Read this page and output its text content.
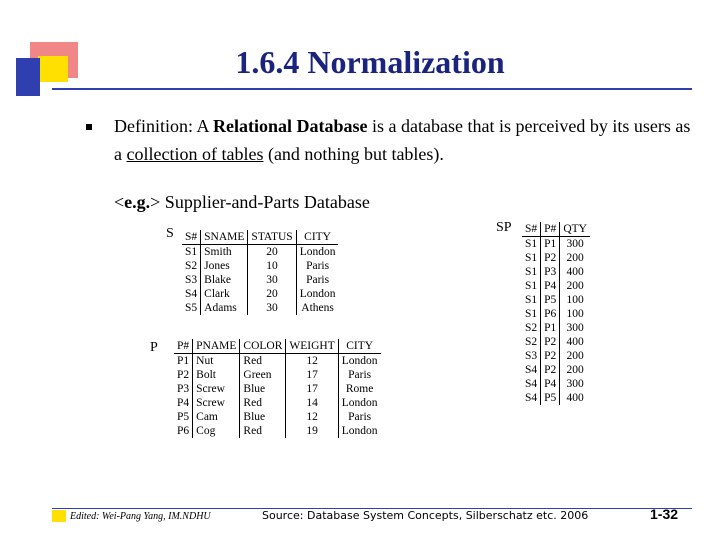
1.6.4 Normalization
Definition: A Relational Database is a database that is perceived by its users as a collection of tables (and nothing but tables).
<e.g.> Supplier-and-Parts Database
S S#	SNAME	STATUS	CITY
S1	Smith	20	London
S2	Jones	10	Paris
S3	Blake	30	Paris
S4	Clark	20	London
S5	Adams	30	Athens
P P#	PNAME	COLOR	WEIGHT	CITY
P1	Nut	Red	12	London
P2	Bolt	Green	17	Paris
P3	Screw	Blue	17	Rome
P4	Screw	Red	14	London
P5	Cam	Blue	12	Paris
P6	Cog	Red	19	London
SP S#	P#	QTY
S1	P1	300
S1	P2	200
S1	P3	400
S1	P4	200
S1	P5	100
S1	P6	100
S2	P1	300
S2	P2	400
S3	P2	200
S4	P2	200
S4	P4	300
S4	P5	400
Edited: Wei-Pang Yang, IM.NDHU	Source: Database System Concepts, Silberschatz etc. 2006	1-32
